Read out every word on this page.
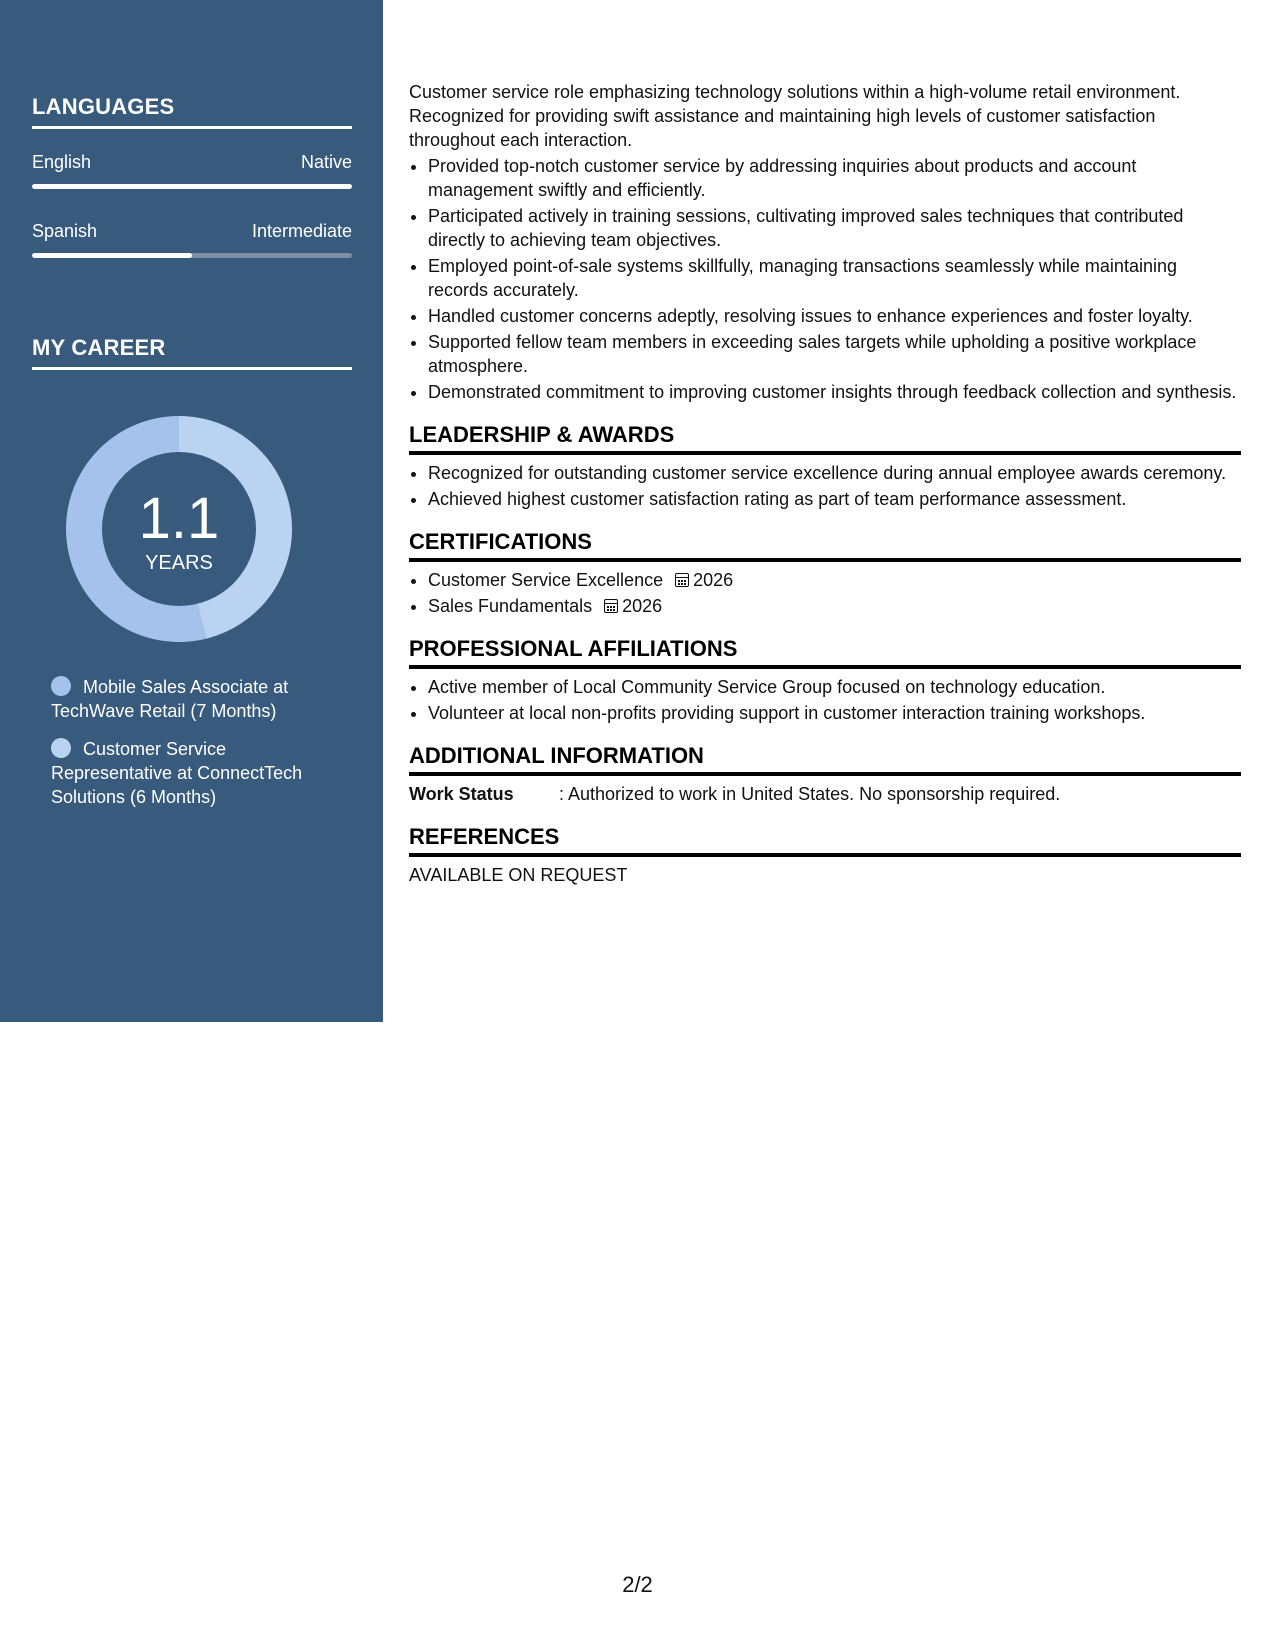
LANGUAGES
English	Native
Spanish	Intermediate
MY CAREER
1.1
YEARS
Mobile Sales Associate at TechWave Retail (7 Months)
Customer Service Representative at ConnectTech Solutions (6 Months)

Customer service role emphasizing technology solutions within a high-volume retail environment. Recognized for providing swift assistance and maintaining high levels of customer satisfaction throughout each interaction.

• Provided top-notch customer service by addressing inquiries about products and account management swiftly and efficiently.
• Participated actively in training sessions, cultivating improved sales techniques that contributed directly to achieving team objectives.
• Employed point-of-sale systems skillfully, managing transactions seamlessly while maintaining records accurately.
• Handled customer concerns adeptly, resolving issues to enhance experiences and foster loyalty.
• Supported fellow team members in exceeding sales targets while upholding a positive workplace atmosphere.
• Demonstrated commitment to improving customer insights through feedback collection and synthesis.
LEADERSHIP & AWARDS
• Recognized for outstanding customer service excellence during annual employee awards ceremony.
• Achieved highest customer satisfaction rating as part of team performance assessment.
CERTIFICATIONS
• Customer Service Excellence 2026
• Sales Fundamentals 2026
PROFESSIONAL AFFILIATIONS
• Active member of Local Community Service Group focused on technology education.
• Volunteer at local non-profits providing support in customer interaction training workshops.
ADDITIONAL INFORMATION
Work Status	: Authorized to work in United States. No sponsorship required.
REFERENCES
AVAILABLE ON REQUEST
2/2
